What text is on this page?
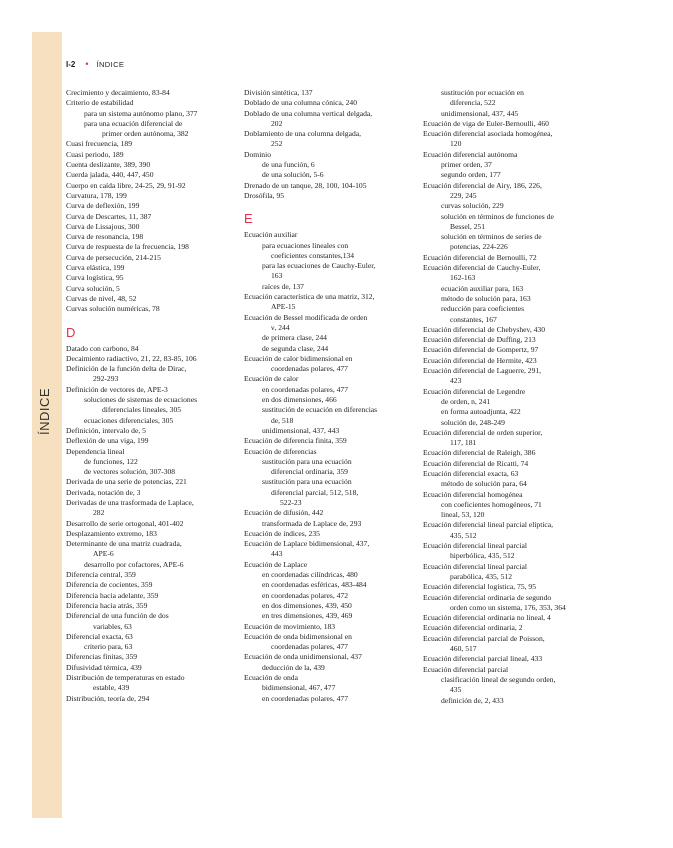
ÍNDICE
I-2 • ÍNDICE
Crecimiento y decaimiento, 83-84
Criterio de estabilidad
para un sistema autónomo plano, 377
para una ecuación diferencial de
primer orden autónoma, 382
Cuasi frecuencia, 189
Cuasi periodo, 189
Cuenta deslizante, 389, 390
Cuerda jalada, 440, 447, 450
Cuerpo en caída libre, 24-25, 29, 91-92
Curvatura, 178, 199
Curva de deflexión, 199
Curva de Descartes, 11, 387
Curva de Lissajous, 300
Curva de resonancia, 198
Curva de respuesta de la frecuencia, 198
Curva de persecución, 214-215
Curva elástica, 199
Curva logística, 95
Curva solución, 5
Curvas de nivel, 48, 52
Curvas solución numéricas, 78
D
Datado con carbono, 84
Decaimiento radiactivo, 21, 22, 83-85, 106
Definición de la función delta de Dirac,
292-293
Definición de vectores de, APE-3
soluciones de sistemas de ecuaciones
diferenciales lineales, 305
ecuaciones diferenciales, 305
Definición, intervalo de, 5
Deflexión de una viga, 199
Dependencia lineal
de funciones, 122
de vectores solución, 307-308
Derivada de una serie de potencias, 221
Derivada, notación de, 3
Derivadas de una trasformada de Laplace,
282
Desarrollo de serie ortogonal, 401-402
Desplazamiento extremo, 183
Determinante de una matriz cuadrada,
APE-6
desarrollo por cofactores, APE-6
Diferencia central, 359
Diferencia de cocientes, 359
Diferencia hacia adelante, 359
Diferencia hacia atrás, 359
Diferencial de una función de dos
variables, 63
Diferencial exacta, 63
criterio para, 63
Diferencias finitas, 359
Difusividad térmica, 439
Distribución de temperaturas en estado
estable, 439
Distribución, teoría de, 294
División sintética, 137
Doblado de una columna cónica, 240
Doblado de una columna vertical delgada,
202
Doblamiento de una columna delgada,
252
Dominio
de una función, 6
de una solución, 5-6
Drenado de un tanque, 28, 100, 104-105
Drosófila, 95
E
Ecuación auxiliar
para ecuaciones lineales con
coeficientes constantes,134
para las ecuaciones de Cauchy-Euler,
163
raíces de, 137
Ecuación característica de una matriz, 312,
APE-15
Ecuación de Bessel modificada de orden
ν, 244
de primera clase, 244
de segunda clase, 244
Ecuación de calor bidimensional en
coordenadas polares, 477
Ecuación de calor
en coordenadas polares, 477
en dos dimensiones, 466
sustitución de ecuación en diferencias
de, 518
unidimensional, 437, 443
Ecuación de diferencia finita, 359
Ecuación de diferencias
sustitución para una ecuación
diferencial ordinaria, 359
sustitución para una ecuación
diferencial parcial, 512, 518,
522-23
Ecuación de difusión, 442
transformada de Laplace de, 293
Ecuación de índices, 235
Ecuación de Laplace bidimensional, 437,
443
Ecuación de Laplace
en coordenadas cilíndricas, 480
en coordenadas esféricas, 483-484
en coordenadas polares, 472
en dos dimensiones, 439, 450
en tres dimensiones, 439, 469
Ecuación de movimiento, 183
Ecuación de onda bidimensional en
coordenadas polares, 477
Ecuación de onda unidimensional, 437
deducción de la, 439
Ecuación de onda
bidimensional, 467, 477
en coordenadas polares, 477
sustitución por ecuación en
diferencia, 522
unidimensional, 437, 445
Ecuación de viga de Euler-Bernoulli, 460
Ecuación diferencial asociada homogénea,
120
Ecuación diferencial autónoma
primer orden, 37
segundo orden, 177
Ecuación diferencial de Airy, 186, 226,
229, 245
curvas solución, 229
solución en términos de funciones de
Bessel, 251
solución en términos de series de
potencias, 224-226
Ecuación diferencial de Bernoulli, 72
Ecuación diferencial de Cauchy-Euler,
162-163
ecuación auxiliar para, 163
método de solución para, 163
reducción para coeficientes
constantes, 167
Ecuación diferencial de Chebyshev, 430
Ecuación diferencial de Duffing, 213
Ecuación diferencial de Gompertz, 97
Ecuación diferencial de Hermite, 423
Ecuación diferencial de Laguerre, 291,
423
Ecuación diferencial de Legendre
de orden, n, 241
en forma autoadjunta, 422
solución de, 248-249
Ecuación diferencial de orden superior,
117, 181
Ecuación diferencial de Raleigh, 386
Ecuación diferencial de Ricatti, 74
Ecuación diferencial exacta, 63
método de solución para, 64
Ecuación diferencial homogénea
con coeficientes homogéneos, 71
lineal, 53, 120
Ecuación diferencial lineal parcial elíptica,
435, 512
Ecuación diferencial lineal parcial
hiperbólica, 435, 512
Ecuación diferencial lineal parcial
parabólica, 435, 512
Ecuación diferencial logística, 75, 95
Ecuación diferencial ordinaria de segundo
orden como un sistema, 176, 353, 364
Ecuación diferencial ordinaria no lineal, 4
Ecuación diferencial ordinaria, 2
Ecuación diferencial parcial de Poisson,
460, 517
Ecuación diferencial parcial lineal, 433
Ecuación diferencial parcial
clasificación lineal de segundo orden,
435
definición de, 2, 433
